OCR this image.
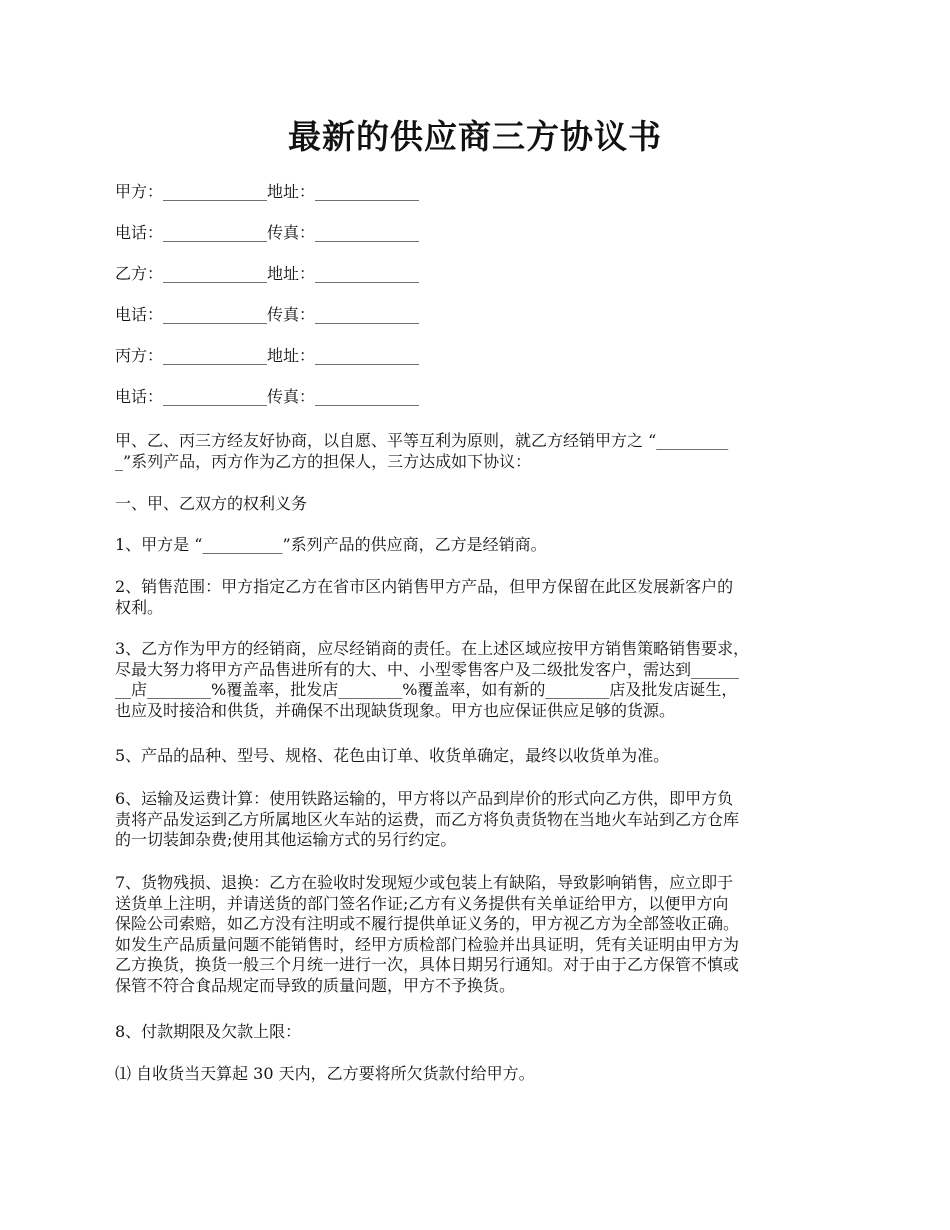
最新的供应商三方协议书
甲方：_____________地址：_____________
电话：_____________传真：_____________
乙方：_____________地址：_____________
电话：_____________传真：_____________
丙方：_____________地址：_____________
电话：_____________传真：_____________
甲、乙、丙三方经友好协商，以自愿、平等互利为原则，就乙方经销甲方之 “_________
_”系列产品，丙方作为乙方的担保人，三方达成如下协议：
一、甲、乙双方的权利义务
1、甲方是 “__________”系列产品的供应商，乙方是经销商。
2、销售范围：甲方指定乙方在省市区内销售甲方产品，但甲方保留在此区发展新客户的
权利。
3、乙方作为甲方的经销商，应尽经销商的责任。在上述区域应按甲方销售策略销售要求，
尽最大努力将甲方产品售进所有的大、中、小型零售客户及二级批发客户，需达到______
__店________%覆盖率，批发店________%覆盖率，如有新的________店及批发店诞生，
也应及时接洽和供货，并确保不出现缺货现象。甲方也应保证供应足够的货源。
5、产品的品种、型号、规格、花色由订单、收货单确定，最终以收货单为准。
6、运输及运费计算：使用铁路运输的，甲方将以产品到岸价的形式向乙方供，即甲方负
责将产品发运到乙方所属地区火车站的运费，而乙方将负责货物在当地火车站到乙方仓库
的一切装卸杂费;使用其他运输方式的另行约定。
7、货物残损、退换：乙方在验收时发现短少或包装上有缺陷，导致影响销售，应立即于
送货单上注明，并请送货的部门签名作证;乙方有义务提供有关单证给甲方，以便甲方向
保险公司索赔，如乙方没有注明或不履行提供单证义务的，甲方视乙方为全部签收正确。
如发生产品质量问题不能销售时，经甲方质检部门检验并出具证明，凭有关证明由甲方为
乙方换货，换货一般三个月统一进行一次，具体日期另行通知。对于由于乙方保管不慎或
保管不符合食品规定而导致的质量问题，甲方不予换货。
8、付款期限及欠款上限：
⑴ 自收货当天算起 30 天内，乙方要将所欠货款付给甲方。
